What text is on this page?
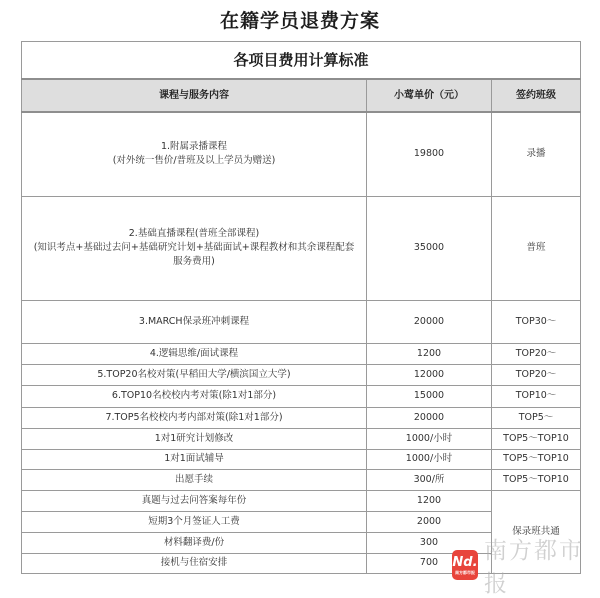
在籍学员退费方案
各项目费用计算标准		
课程与服务内容	小莺单价（元）	签约班级

1.附属录播课程
(对外统一售价/普班及以上学员为赠送)	19800	录播

2.基础直播课程(普班全部课程)
(知识考点+基础过去问+基础研究计划+基础面试+课程教材和其余课程配套服务费用)	35000	普班
3.MARCH保录班冲刺课程	20000	TOP30～
4.逻辑思维/面试课程	1200	TOP20～
5.TOP20名校对策(早稻田大学/横滨国立大学)	12000	TOP20～
6.TOP10名校校内考对策(除1对1部分)	15000	TOP10～
7.TOP5名校校内考内部对策(除1对1部分)	20000	TOP5～
1对1研究计划修改	1000/小时	TOP5～TOP10
1对1面试辅导	1000/小时	TOP5～TOP10
出愿手续	300/所	TOP5～TOP10
真题与过去问答案每年份	1200	保录班共通
短期3个月签证人工费	2000	
材料翻译费/份	300	
接机与住宿安排	700	Nd.
南方都市报
南方都市报
